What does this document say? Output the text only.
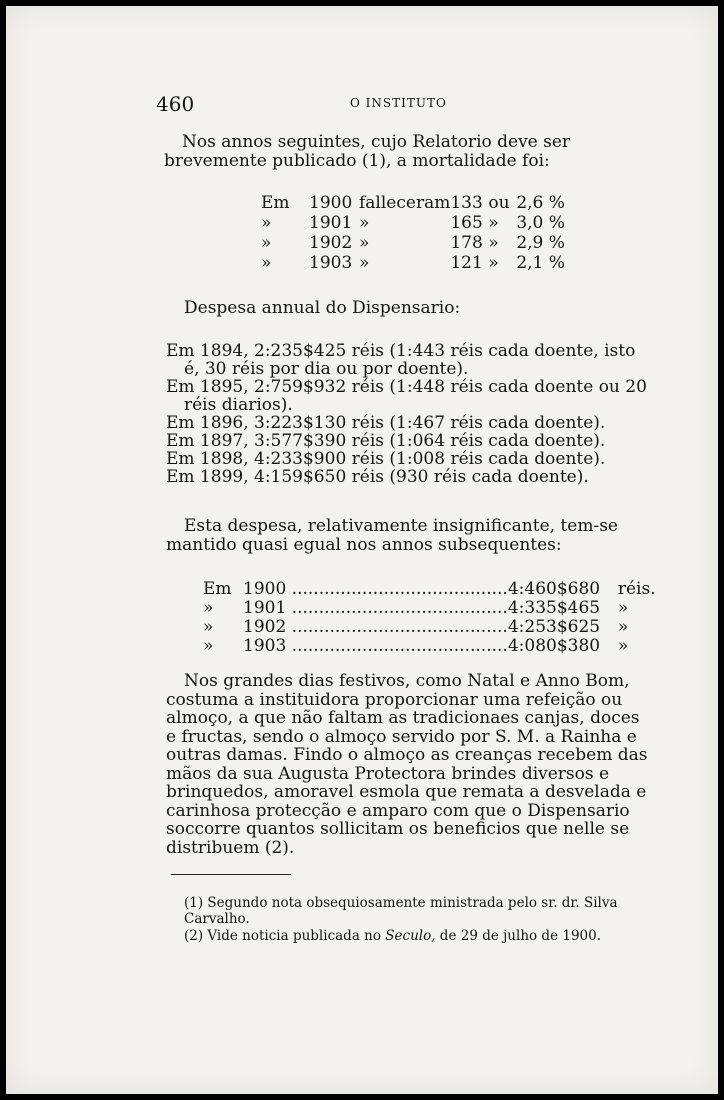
460	O INSTITUTO
Nos annos seguintes, cujo Relatorio deve ser brevemente publicado (1), a mortalidade foi:
Em	1900	falleceram	133	ou	2,6 %
»	1901	»	165	»	3,0 %
»	1902	»	178	»	2,9 %
»	1903	»	121	»	2,1 %
Despesa annual do Dispensario:
Em 1894, 2:235$425 réis (1:443 réis cada doente, isto é, 30 réis por dia ou por doente).
Em 1895, 2:759$932 réis (1:448 réis cada doente ou 20 réis diarios).
Em 1896, 3:223$130 réis (1:467 réis cada doente).
Em 1897, 3:577$390 réis (1:064 réis cada doente).
Em 1898, 4:233$900 réis (1:008 réis cada doente).
Em 1899, 4:159$650 réis (930 réis cada doente).
Esta despesa, relativamente insignificante, tem-se mantido quasi egual nos annos subsequentes:
Em	1900 ........................................	4:460$680	réis.
»	1901 ........................................	4:335$465	»
»	1902 ........................................	4:253$625	»
»	1903 ........................................	4:080$380	»
Nos grandes dias festivos, como Natal e Anno Bom, costuma a instituidora proporcionar uma refeição ou almoço, a que não faltam as tradicionaes canjas, doces e fructas, sendo o almoço servido por S. M. a Rainha e outras damas. Findo o almoço as creanças recebem das mãos da sua Augusta Protectora brindes diversos e brinquedos, amoravel esmola que remata a desvelada e carinhosa protecção e amparo com que o Dispensario soccorre quantos sollicitam os beneficios que nelle se distribuem (2).
(1) Segundo nota obsequiosamente ministrada pelo sr. dr. Silva Carvalho.
(2) Vide noticia publicada no Seculo, de 29 de julho de 1900.
